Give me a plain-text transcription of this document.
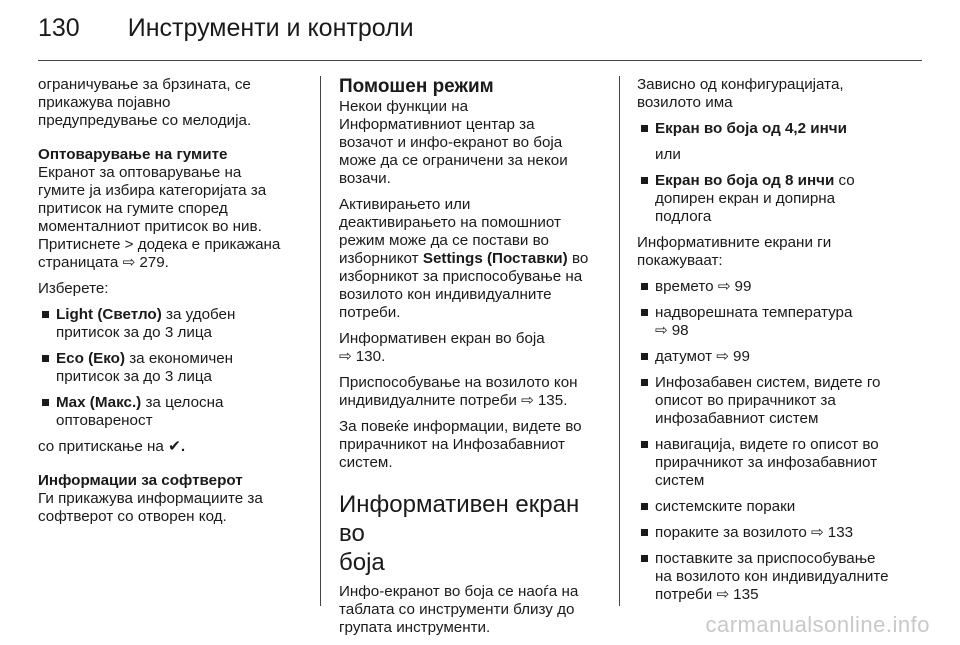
130 Инструменти и контроли

ограничување за брзината, се
прикажува појавно
предупредување со мелодија.

Оптоварување на гумите
Екранот за оптоварување на
гумите ја избира категоријата за
притисок на гумите според
моменталниот притисок во нив.
Притиснете > додека е прикажана
страницата ⇨ 279.

Изберете:

Light (Светло) за удобен
притисок за до 3 лица
Eco (Еко) за економичен
притисок за до 3 лица
Max (Макс.) за целосна
оптовареност

со притискање на ✔.

Информации за софтверот
Ги прикажува информациите за
софтверот со отворен код.

Помошен режим

Некои функции на
Информативниот центар за
возачот и инфо-екранот во боја
може да се ограничени за некои
возачи.

Активирањето или
деактивирањето на помошниот
режим може да се постави во
изборникот Settings (Поставки) во
изборникот за приспособување на
возилото кон индивидуалните
потреби.

Информативен екран во боја
⇨ 130.

Приспособување на возилото кон
индивидуалните потреби ⇨ 135.

За повеќе информации, видете во
прирачникот на Инфозабавниот
систем.

Информативен екран во
боја

Инфо-екранот во боја се наоѓа на
таблата со инструменти близу до
групата инструменти.

Зависно од конфигурацијата,
возилото има

Екран во боја од 4,2 инчи
или
Екран во боја од 8 инчи со
допирен екран и допирна
подлога

Информативните екрани ги
покажуваат:

времето ⇨ 99
надворешната температура
⇨ 98
датумот ⇨ 99
Инфозабавен систем, видете го
описот во прирачникот за
инфозабавниот систем
навигација, видете го описот во
прирачникот за инфозабавниот
систем
системските пораки
пораките за возилото ⇨ 133
поставките за приспособување
на возилото кон индивидуалните
потреби ⇨ 135
carmanualsonline.info
